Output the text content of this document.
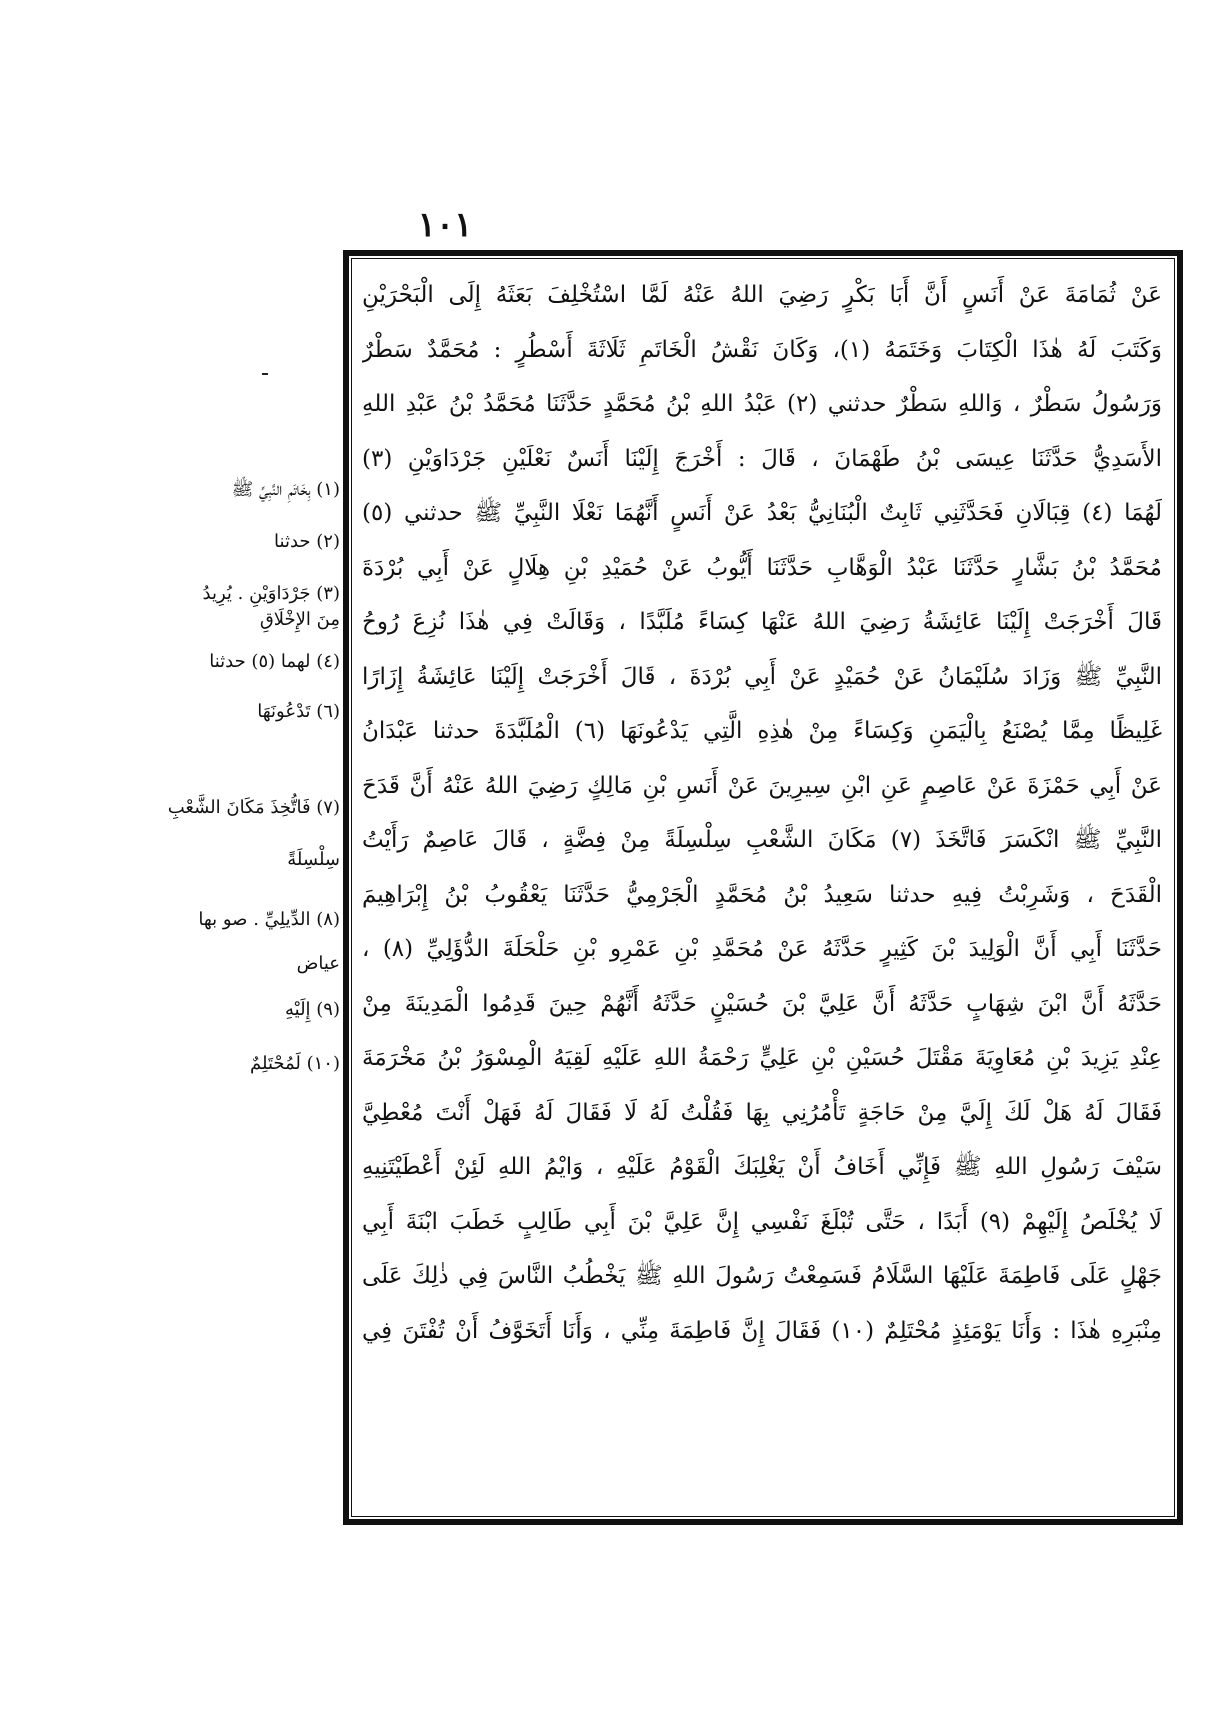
١٠١
عَنْ ثُمَامَةَ عَنْ أَنَسٍ أَنَّ أَبَا بَكْرٍ رَضِيَ اللهُ عَنْهُ لَمَّا اسْتُخْلِفَ بَعَثَهُ إِلَى الْبَحْرَيْنِ
وَكَتَبَ لَهُ هٰذَا الْكِتَابَ وَخَتَمَهُ (١)، وَكَانَ نَقْشُ الْخَاتَمِ ثَلَاثَةَ أَسْطُرٍ : مُحَمَّدٌ سَطْرٌ
وَرَسُولُ سَطْرٌ ، وَاللهِ سَطْرٌ حدثني (٢) عَبْدُ اللهِ بْنُ مُحَمَّدٍ حَدَّثَنَا مُحَمَّدُ بْنُ عَبْدِ اللهِ
الأَسَدِيُّ حَدَّثَنَا عِيسَى بْنُ طَهْمَانَ ، قَالَ : أَخْرَجَ إِلَيْنَا أَنَسٌ نَعْلَيْنِ جَرْدَاوَيْنِ (٣)
لَهُمَا (٤) قِبَالَانِ فَحَدَّثَنِي ثَابِتٌ الْبُنَانِيُّ بَعْدُ عَنْ أَنَسٍ أَنَّهُمَا نَعْلَا النَّبِيِّ ﷺ حدثني (٥)
مُحَمَّدُ بْنُ بَشَّارٍ حَدَّثَنَا عَبْدُ الْوَهَّابِ حَدَّثَنَا أَيُّوبُ عَنْ حُمَيْدِ بْنِ هِلَالٍ عَنْ أَبِي بُرْدَةَ
قَالَ أَخْرَجَتْ إِلَيْنَا عَائِشَةُ رَضِيَ اللهُ عَنْهَا كِسَاءً مُلَبَّدًا ، وَقَالَتْ فِي هٰذَا نُزِعَ رُوحُ
النَّبِيِّ ﷺ وَزَادَ سُلَيْمَانُ عَنْ حُمَيْدٍ عَنْ أَبِي بُرْدَةَ ، قَالَ أَخْرَجَتْ إِلَيْنَا عَائِشَةُ إِزَارًا
غَلِيظًا مِمَّا يُصْنَعُ بِالْيَمَنِ وَكِسَاءً مِنْ هٰذِهِ الَّتِي يَدْعُونَهَا (٦) الْمُلَبَّدَةَ حدثنا عَبْدَانُ
عَنْ أَبِي حَمْزَةَ عَنْ عَاصِمٍ عَنِ ابْنِ سِيرِينَ عَنْ أَنَسِ بْنِ مَالِكٍ رَضِيَ اللهُ عَنْهُ أَنَّ قَدَحَ
النَّبِيِّ ﷺ انْكَسَرَ فَاتَّخَذَ (٧) مَكَانَ الشَّعْبِ سِلْسِلَةً مِنْ فِضَّةٍ ، قَالَ عَاصِمٌ رَأَيْتُ
الْقَدَحَ ، وَشَرِبْتُ فِيهِ حدثنا سَعِيدُ بْنُ مُحَمَّدٍ الْجَرْمِيُّ حَدَّثَنَا يَعْقُوبُ بْنُ إِبْرَاهِيمَ
حَدَّثَنَا أَبِي أَنَّ الْوَلِيدَ بْنَ كَثِيرٍ حَدَّثَهُ عَنْ مُحَمَّدِ بْنِ عَمْرِو بْنِ حَلْحَلَةَ الدُّؤَلِيِّ (٨) ،
حَدَّثَهُ أَنَّ ابْنَ شِهَابٍ حَدَّثَهُ أَنَّ عَلِيَّ بْنَ حُسَيْنٍ حَدَّثَهُ أَنَّهُمْ حِينَ قَدِمُوا الْمَدِينَةَ مِنْ
عِنْدِ يَزِيدَ بْنِ مُعَاوِيَةَ مَقْتَلَ حُسَيْنِ بْنِ عَلِيٍّ رَحْمَةُ اللهِ عَلَيْهِ لَقِيَهُ الْمِسْوَرُ بْنُ مَخْرَمَةَ
فَقَالَ لَهُ هَلْ لَكَ إِلَيَّ مِنْ حَاجَةٍ تَأْمُرُنِي بِهَا فَقُلْتُ لَهُ لَا فَقَالَ لَهُ فَهَلْ أَنْتَ مُعْطِيَّ
سَيْفَ رَسُولِ اللهِ ﷺ فَإِنِّي أَخَافُ أَنْ يَغْلِبَكَ الْقَوْمُ عَلَيْهِ ، وَايْمُ اللهِ لَئِنْ أَعْطَيْتَنِيهِ
لَا يُخْلَصُ إِلَيْهِمْ (٩) أَبَدًا ، حَتَّى تُبْلَغَ نَفْسِي إِنَّ عَلِيَّ بْنَ أَبِي طَالِبٍ خَطَبَ ابْنَةَ أَبِي
جَهْلٍ عَلَى فَاطِمَةَ عَلَيْهَا السَّلَامُ فَسَمِعْتُ رَسُولَ اللهِ ﷺ يَخْطُبُ النَّاسَ فِي ذٰلِكَ عَلَى
مِنْبَرِهِ هٰذَا : وَأَنَا يَوْمَئِذٍ مُحْتَلِمٌ (١٠) فَقَالَ إِنَّ فَاطِمَةَ مِنِّي ، وَأَنَا أَتَخَوَّفُ أَنْ تُفْتَنَ فِي
(١) بِخَاتَمِ النَّبِيِّ ﷺ
(٢) حدثنا
(٣) جَرْدَاوَيْنِ . يُرِيدُ
مِنَ الإِخْلَاقِ
(٤) لهما (٥) حدثنا
(٦) تَدْعُونَهَا
(٧) فَاتُّخِذَ مَكَانَ الشَّعْبِ
سِلْسِلَةً
(٨) الدِّيلِيِّ . صو بها
عياض
(٩) إِلَيْهِ
(١٠) لَمُحْتَلِمٌ
